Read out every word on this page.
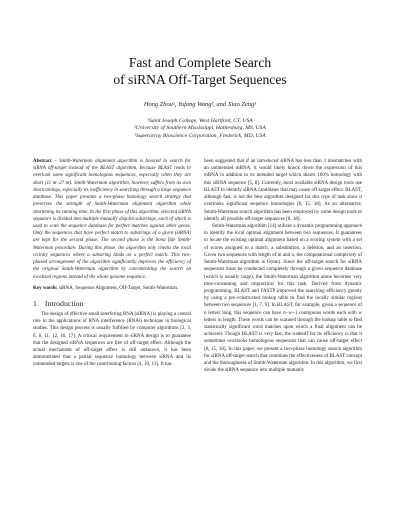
Fast and Complete Search
of siRNA Off-Target Sequences
Hong Zhou¹, Yufang Wang², and Xiao Zeng³
¹Saint Joseph College, West Hartford, CT, USA
²University of Southern Mississippi, Hattiesburg, MS, USA
³Superarray Bioscience Corporation, Frederick, MD, USA

Abstract – Smith-Waterman alignment algorithm is favored in search for siRNA off-target instead of the BLAST algorithm, because BLAST tends to overlook some significant homologous sequences, especially when they are short (11 nt–27 nt). Smith-Waterman algorithm, however, suffers from its own shortcomings, especially its inefficiency in searching through a large sequence database. This paper presents a two-phase homology search strategy that preserves the strength of Smith-Waterman alignment algorithm while shortening its running time. In the first phase of this algorithm, selected siRNA sequence is divided into multiple mutually disjoint substrings, each of which is used to scan the sequence database for perfect matches against other genes. Only the sequences that have perfect match to substrings of a given (siRNA) are kept for the second phase. The second phase is the bona fide Smith-Waterman procedure. During this phase, the algorithm only checks the local vicinity sequences where a substring lands on a perfect match. This two-phased arrangement of the algorithm significantly improves the efficiency of the original Smith-Waterman algorithm by concentrating the search on localized regions instead of the whole genome sequence.

Key words: siRNA, Sequence Alignment, Off-Target, Smith-Waterman.

1 Introduction

The design of effective small interfering RNA (siRNA) is playing a central role in the applications of RNA interference (RNAi) technique in biological studies. This design process is usually fulfilled by computer algorithms [2, 3, 6, 8, 11, 12, 16, 17]. A critical requirement in siRNA design is to guarantee that the designed siRNA sequences are free of off-target effect. Although the actual mechanism of off-target effect is still unknown, it has been demonstrated that a partial sequence homology between siRNA and its unintended targets is one of the contributing factors [4, 10, 13]. It has

been suggested that if an introduced siRNA has less than 3 mismatches with an unintended mRNA, it would likely knock down the expression of this mRNA in addition to its intended target which shares 100% homology with this siRNA sequence [5, 8]. Currently, most available siRNA design tools use BLAST to identify siRNA candidates that may cause off-target effect. BLAST, although fast, is not the best algorithm designed for this type of task since it overlooks significant sequence homologies [8, 15, 18]. As an alternative, Smith-Waterman search algorithm has been employed by some design tools to identify all possible off-target sequences [8, 18].

Smith-Waterman algorithm [14] utilizes a dynamic programming approach to identify the local optimal alignment between two sequences. It guarantees to locate the existing optimal alignment based on a scoring system with a set of scores assigned to a match, a substitution, a deletion, and an insertion. Given two sequences with length of m and n, the computational complexity of Smith-Waterman algorithm is O(mn). Since the off-target search for siRNA sequences must be conducted completely through a given sequence database (which is usually large), the Smith-Waterman algorithm alone becomes very time-consuming and impractical for this task. Derived from dynamic programming, BLAST and FASTP improved the searching efficiency greatly by using a pre-constructed lookup table to find the locally similar regions between two sequences [1, 7, 9]. In BLAST, for example, given a sequence of n letters long, this sequence can have n−w+1 contiguous words each with w letters in length. These words can be scanned through the lookup table to find statistically significant word matches upon which a final alignment can be achieved. Though BLAST is very fast, the tradeoff for its efficiency is that it sometimes overlooks homologous sequences that can cause off-target effect [8, 15, 18]. In this paper, we present a two-phase homology search algorithm for siRNA off-target search that combines the effectiveness of BLAST concept and the thoroughness of Smith-Waterman algorithm. In this algorithm, we first divide the siRNA sequence into multiple mutually
